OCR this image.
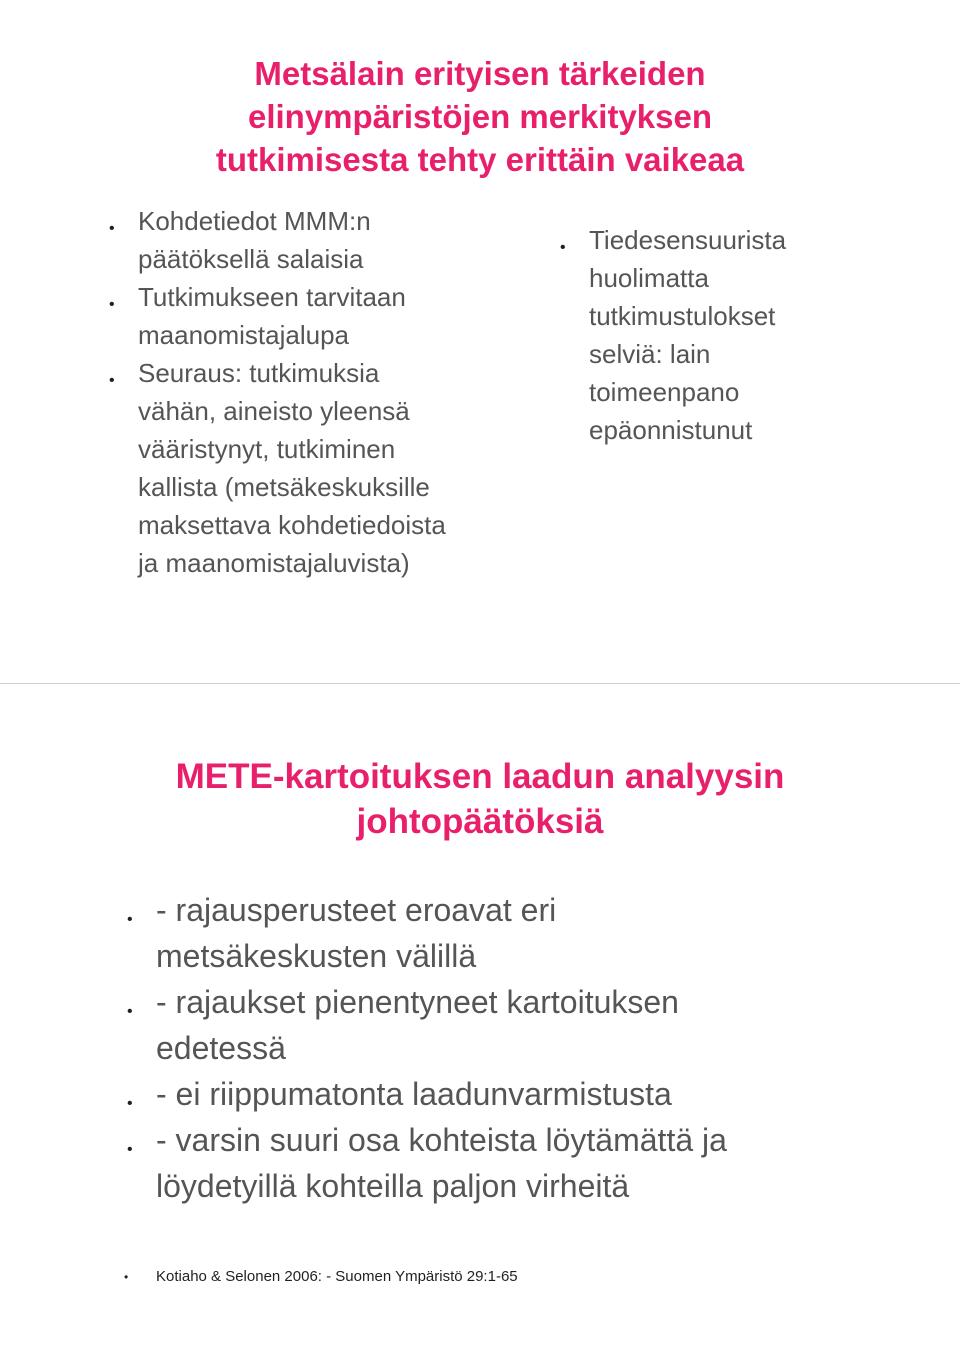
Metsälain erityisen tärkeiden
elinympäristöjen merkityksen
tutkimisesta tehty erittäin vaikeaa
• Kohdetiedot MMM:n
päätöksellä salaisia
• Tutkimukseen tarvitaan
maanomistajalupa
• Seuraus: tutkimuksia
vähän, aineisto yleensä
vääristynyt, tutkiminen
kallista (metsäkeskuksille
maksettava kohdetiedoista
ja maanomistajaluvista)
• Tiedesensuurista
huolimatta
tutkimustulokset
selviä: lain
toimeenpano
epäonnistunut
METE-kartoituksen laadun analyysin
johtopäätöksiä
• - rajausperusteet eroavat eri
metsäkeskusten välillä
• - rajaukset pienentyneet kartoituksen
edetessä
• - ei riippumatonta laadunvarmistusta
• - varsin suuri osa kohteista löytämättä ja
löydetyillä kohteilla paljon virheitä
• Kotiaho & Selonen 2006: - Suomen Ympäristö 29:1-65
